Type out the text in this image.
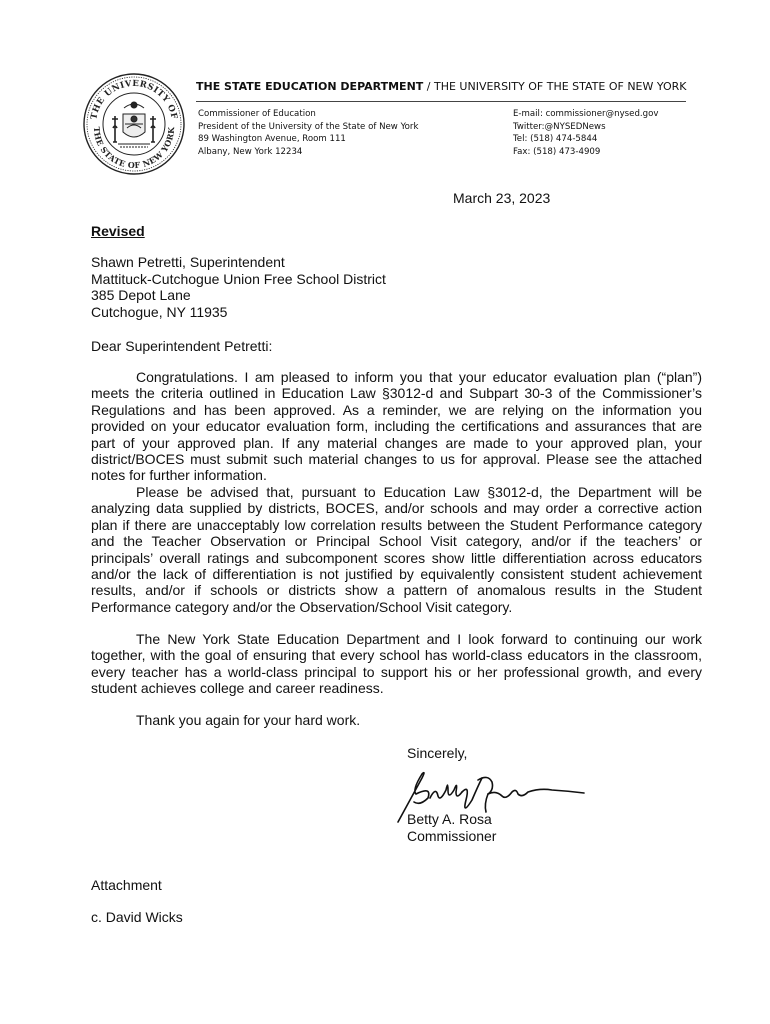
THE UNIVERSITY OF
THE STATE OF NEW YORK
THE STATE EDUCATION DEPARTMENT / THE UNIVERSITY OF THE STATE OF NEW YORK
Commissioner of Education
President of the University of the State of New York
89 Washington Avenue, Room 111
Albany, New York 12234
E-mail: commissioner@nysed.gov
Twitter:@NYSEDNews
Tel: (518) 474-5844
Fax: (518) 473-4909
March 23, 2023
Revised
Shawn Petretti, Superintendent
Mattituck-Cutchogue Union Free School District
385 Depot Lane
Cutchogue, NY 11935
Dear Superintendent Petretti:

Congratulations. I am pleased to inform you that your educator evaluation plan (“plan”) meets the criteria outlined in Education Law §3012-d and Subpart 30-3 of the Commissioner’s Regulations and has been approved. As a reminder, we are relying on the information you provided on your educator evaluation form, including the certifications and assurances that are part of your approved plan. If any material changes are made to your approved plan, your district/BOCES must submit such material changes to us for approval. Please see the attached notes for further information.

Please be advised that, pursuant to Education Law §3012-d, the Department will be analyzing data supplied by districts, BOCES, and/or schools and may order a corrective action plan if there are unacceptably low correlation results between the Student Performance category and the Teacher Observation or Principal School Visit category, and/or if the teachers’ or principals’ overall ratings and subcomponent scores show little differentiation across educators and/or the lack of differentiation is not justified by equivalently consistent student achievement results, and/or if schools or districts show a pattern of anomalous results in the Student Performance category and/or the Observation/School Visit category.

The New York State Education Department and I look forward to continuing our work together, with the goal of ensuring that every school has world-class educators in the classroom, every teacher has a world-class principal to support his or her professional growth, and every student achieves college and career readiness.

Thank you again for your hard work.
Sincerely,
Betty A. Rosa
Commissioner
Attachment
c. David Wicks
